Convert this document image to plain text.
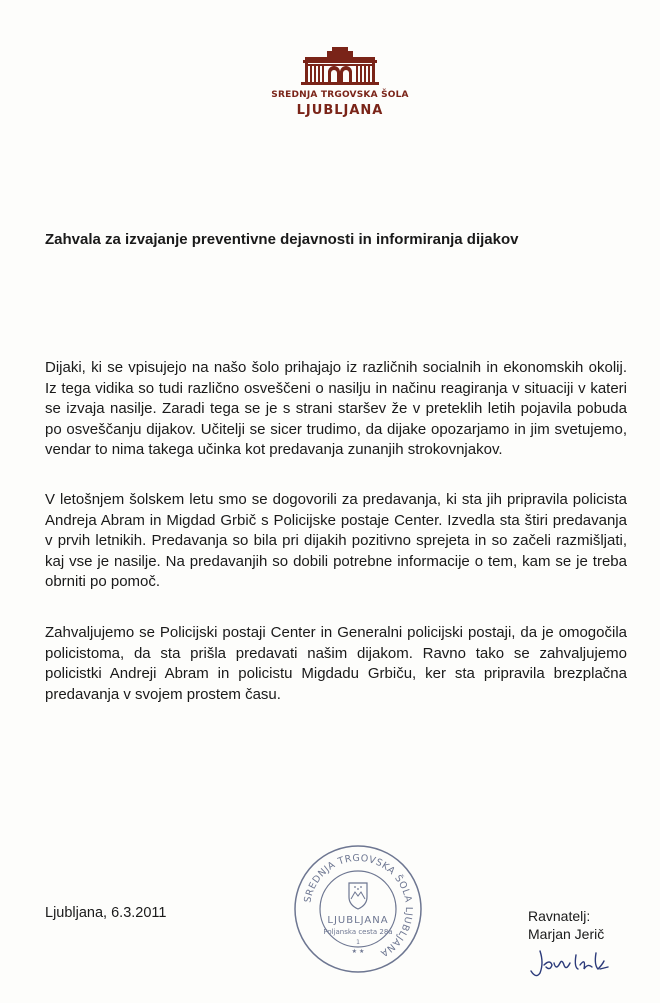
SREDNJA TRGOVSKA ŠOLA
LJUBLJANA
Zahvala za izvajanje preventivne dejavnosti in informiranja dijakov
Dijaki, ki se vpisujejo na našo šolo prihajajo iz različnih socialnih in ekonomskih okolij. Iz tega vidika so tudi različno osveščeni o nasilju in načinu reagiranja v situaciji v kateri se izvaja nasilje. Zaradi tega se je s strani staršev že v preteklih letih pojavila pobuda po osveščanju dijakov. Učitelji se sicer trudimo, da dijake opozarjamo in jim svetujemo, vendar to nima takega učinka kot predavanja zunanjih strokovnjakov.
V letošnjem šolskem letu smo se dogovorili za predavanja, ki sta jih pripravila policista Andreja Abram in Migdad Grbič s Policijske postaje Center. Izvedla sta štiri predavanja v prvih letnikih. Predavanja so bila pri dijakih pozitivno sprejeta in so začeli razmišljati, kaj vse je nasilje. Na predavanjih so dobili potrebne informacije o tem, kam se je treba obrniti po pomoč.
Zahvaljujemo se Policijski postaji Center in Generalni policijski postaji, da je omogočila policistoma, da sta prišla predavati našim dijakom. Ravno tako se zahvaljujemo policistki Andreji Abram in policistu Migdadu Grbiču, ker sta pripravila brezplačna predavanja v svojem prostem času.
Ljubljana, 6.3.2011
SREDNJA TRGOVSKA ŠOLA LJUBLJANA
LJUBLJANA
Poljanska cesta 28a
1
★ ★
Ravnatelj:
Marjan Jerič
